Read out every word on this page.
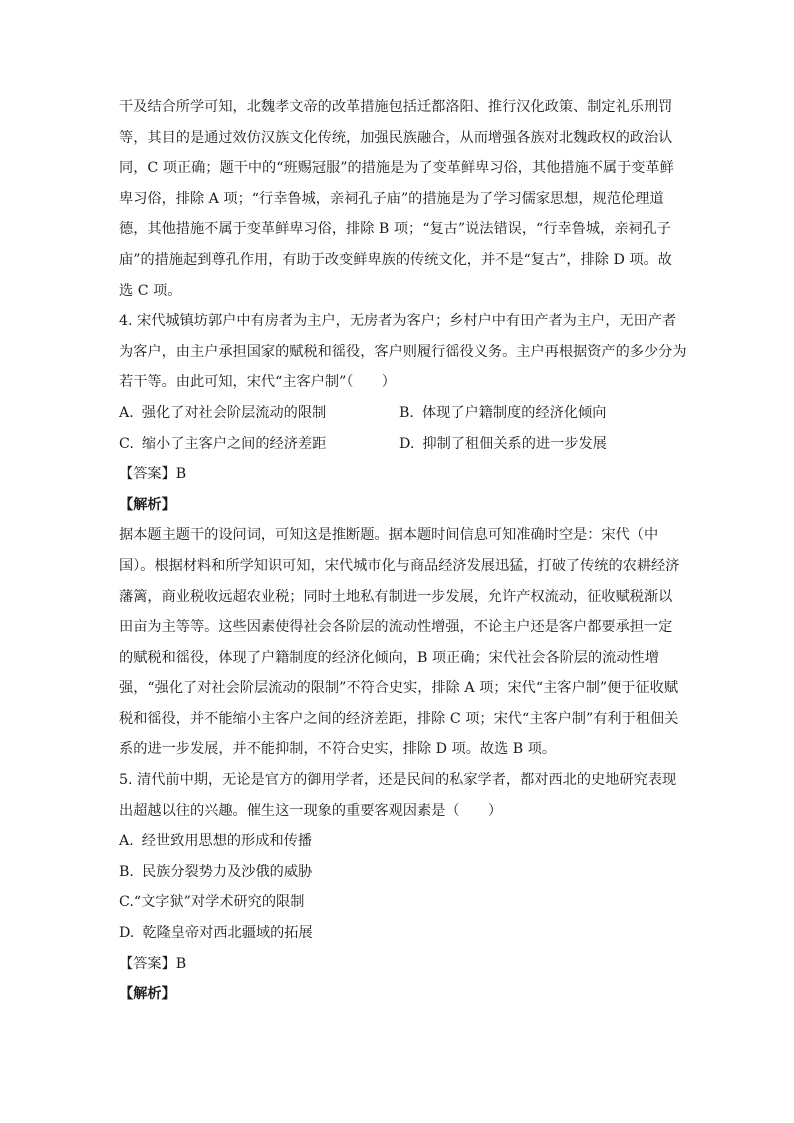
干及结合所学可知，北魏孝文帝的改革措施包括迁都洛阳、推行汉化政策、制定礼乐刑罚
等，其目的是通过效仿汉族文化传统，加强民族融合，从而增强各族对北魏政权的政治认
同，C 项正确；题干中的“班赐冠服”的措施是为了变革鲜卑习俗，其他措施不属于变革鲜
卑习俗，排除 A 项；“行幸鲁城，亲祠孔子庙”的措施是为了学习儒家思想，规范伦理道
德，其他措施不属于变革鲜卑习俗，排除 B 项；“复古”说法错误，“行幸鲁城，亲祠孔子
庙”的措施起到尊孔作用，有助于改变鲜卑族的传统文化，并不是“复古”，排除 D 项。故
选 C 项。
4. 宋代城镇坊郭户中有房者为主户，无房者为客户；乡村户中有田产者为主户，无田产者
为客户，由主户承担国家的赋税和徭役，客户则履行徭役义务。主户再根据资产的多少分为
若干等。由此可知，宋代“主客户制”（　　）
A. 强化了对社会阶层流动的限制	B. 体现了户籍制度的经济化倾向
C. 缩小了主客户之间的经济差距	D. 抑制了租佃关系的进一步发展
【答案】B
【解析】
据本题主题干的设问词，可知这是推断题。据本题时间信息可知准确时空是：宋代（中
国）。根据材料和所学知识可知，宋代城市化与商品经济发展迅猛，打破了传统的农耕经济
藩篱，商业税收远超农业税；同时土地私有制进一步发展，允许产权流动，征收赋税渐以
田亩为主等等。这些因素使得社会各阶层的流动性增强，不论主户还是客户都要承担一定
的赋税和徭役，体现了户籍制度的经济化倾向，B 项正确；宋代社会各阶层的流动性增
强，“强化了对社会阶层流动的限制”不符合史实，排除 A 项；宋代“主客户制”便于征收赋
税和徭役，并不能缩小主客户之间的经济差距，排除 C 项；宋代“主客户制”有利于租佃关
系的进一步发展，并不能抑制，不符合史实，排除 D 项。故选 B 项。
5. 清代前中期，无论是官方的御用学者，还是民间的私家学者，都对西北的史地研究表现
出超越以往的兴趣。催生这一现象的重要客观因素是（　　）
A. 经世致用思想的形成和传播
B. 民族分裂势力及沙俄的威胁
C.“文字狱”对学术研究的限制
D. 乾隆皇帝对西北疆域的拓展
【答案】B
【解析】
